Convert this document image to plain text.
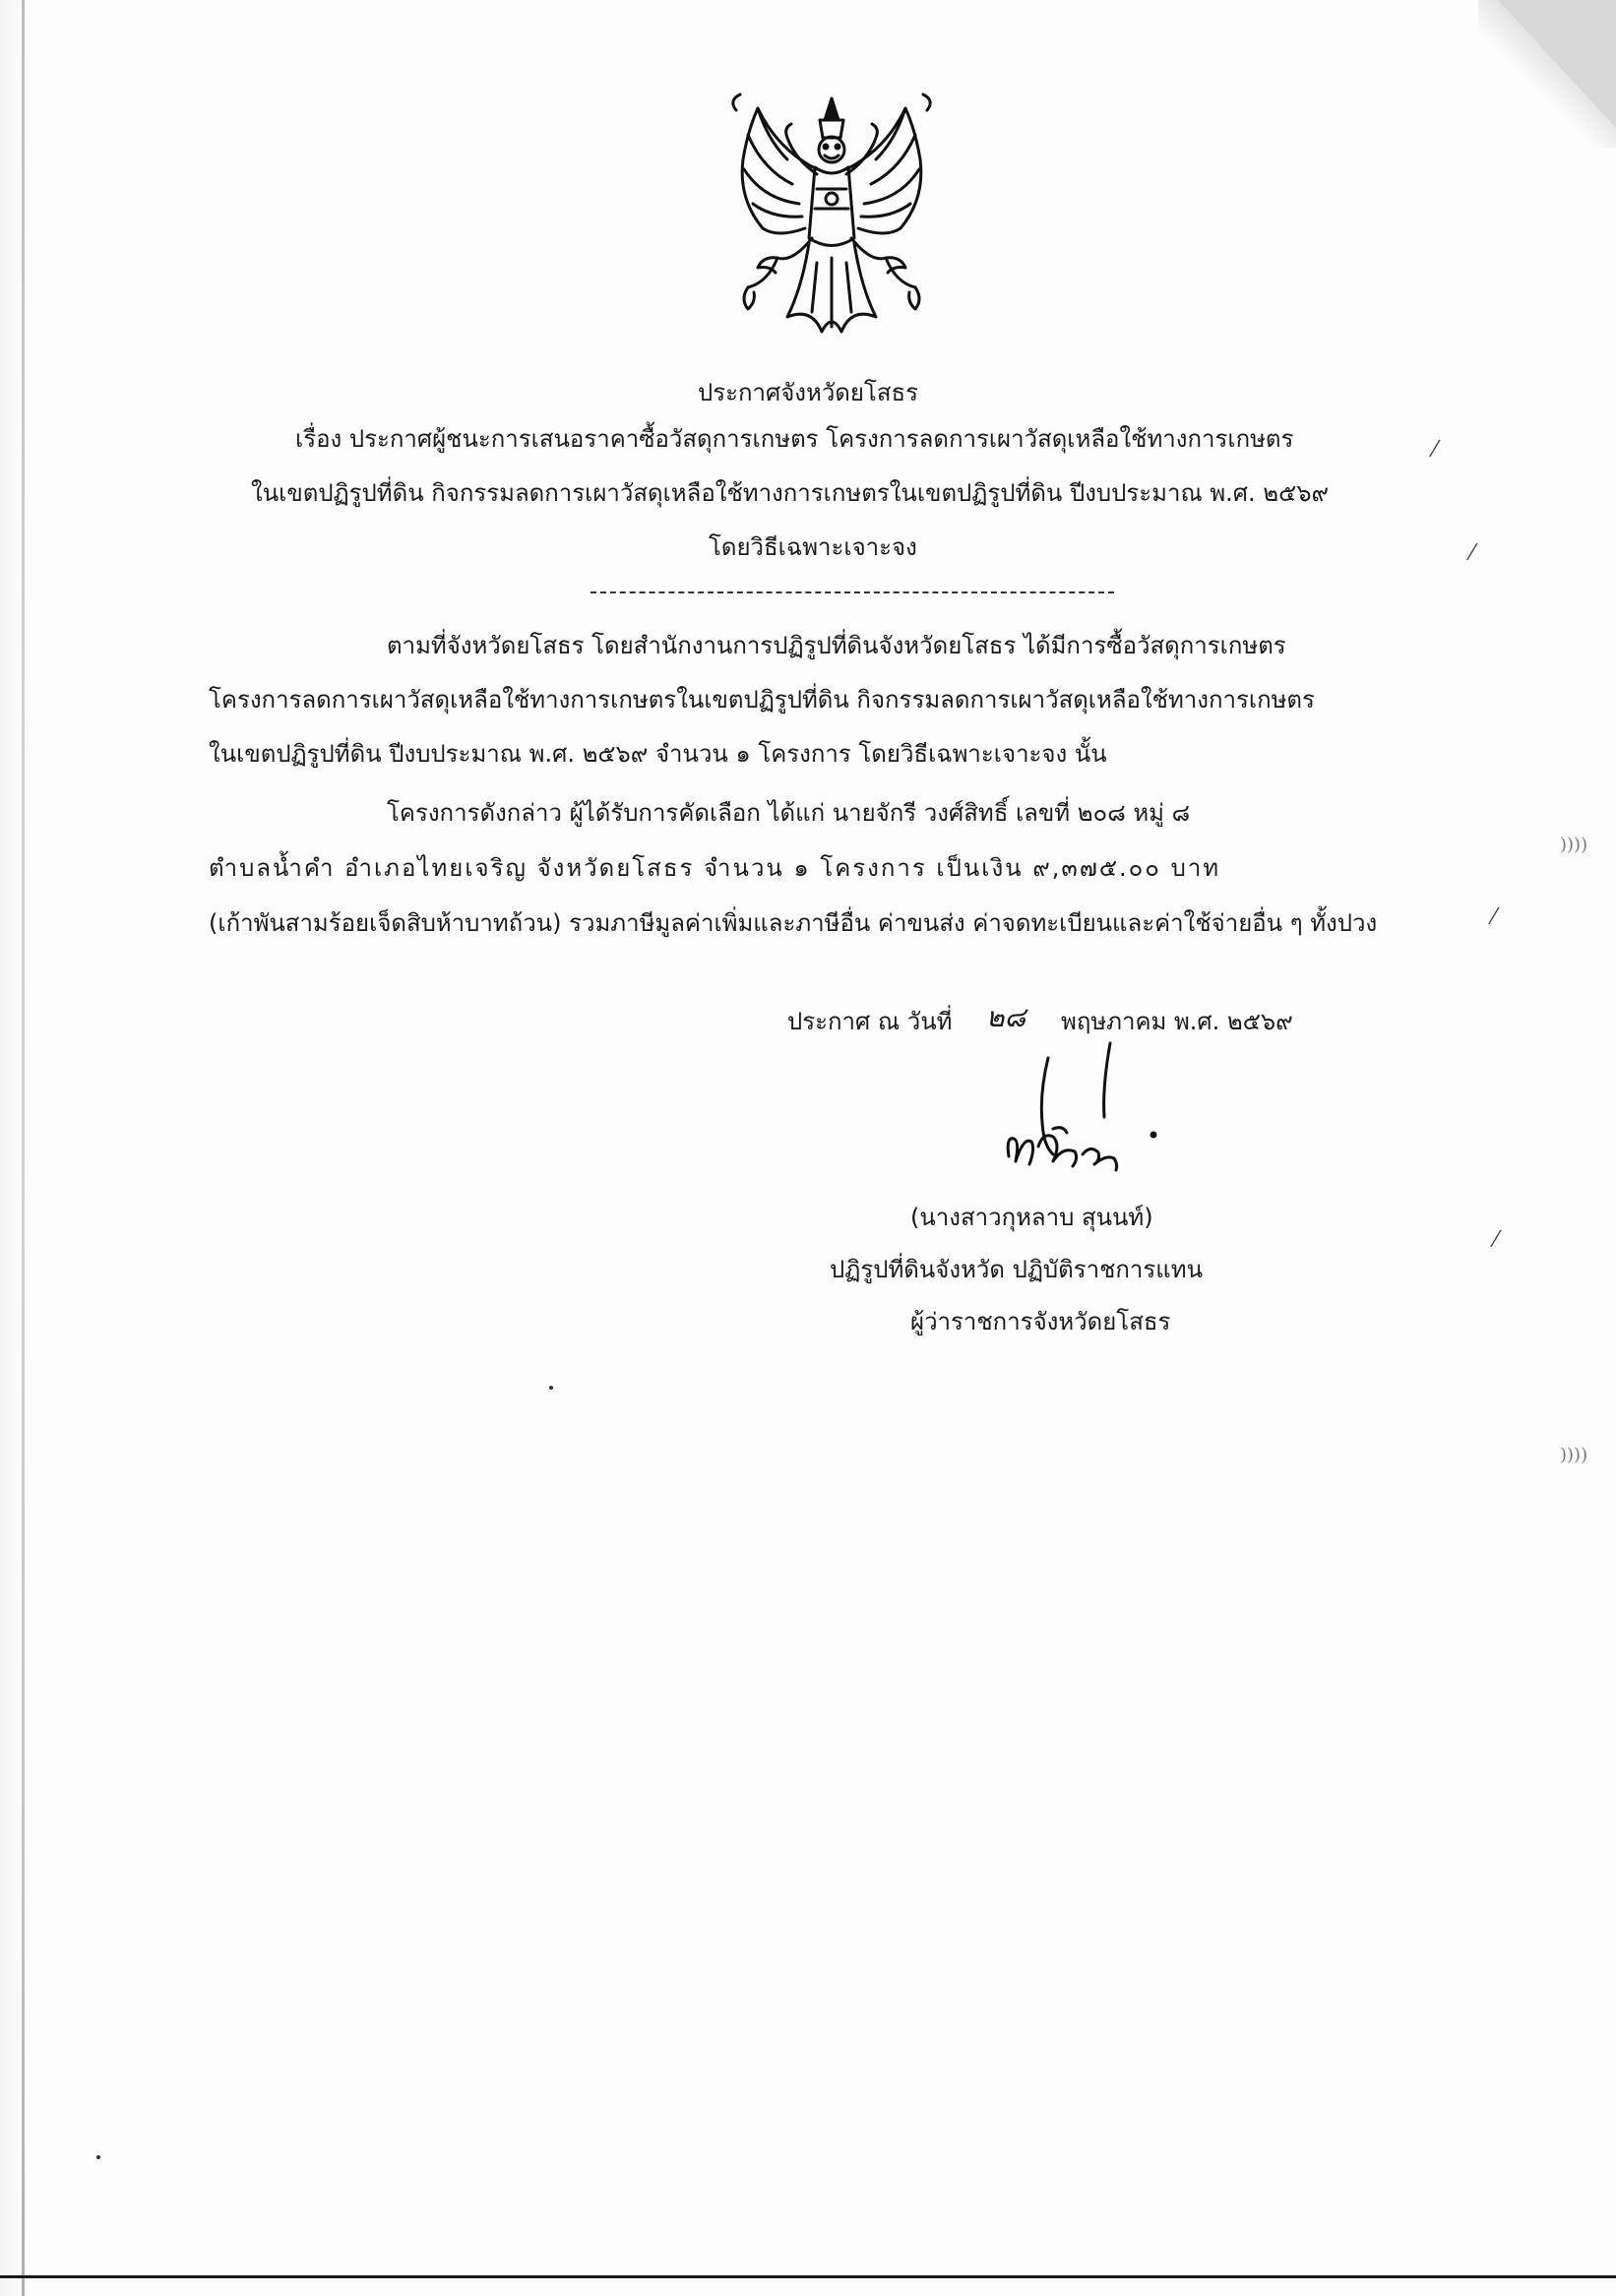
ประกาศจังหวัดยโสธร
เรื่อง ประกาศผู้ชนะการเสนอราคาซื้อวัสดุการเกษตร โครงการลดการเผาวัสดุเหลือใช้ทางการเกษตร
ในเขตปฏิรูปที่ดิน กิจกรรมลดการเผาวัสดุเหลือใช้ทางการเกษตรในเขตปฏิรูปที่ดิน ปีงบประมาณ พ.ศ. ๒๕๖๙
โดยวิธีเฉพาะเจาะจง
ตามที่จังหวัดยโสธร โดยสำนักงานการปฏิรูปที่ดินจังหวัดยโสธร ได้มีการซื้อวัสดุการเกษตร
โครงการลดการเผาวัสดุเหลือใช้ทางการเกษตรในเขตปฏิรูปที่ดิน กิจกรรมลดการเผาวัสดุเหลือใช้ทางการเกษตร
ในเขตปฏิรูปที่ดิน ปีงบประมาณ พ.ศ. ๒๕๖๙ จำนวน ๑ โครงการ โดยวิธีเฉพาะเจาะจง นั้น
โครงการดังกล่าว ผู้ได้รับการคัดเลือก ได้แก่ นายจักรี วงศ์สิทธิ์ เลขที่ ๒๐๘ หมู่ ๘
ตำบลน้ำคำ อำเภอไทยเจริญ จังหวัดยโสธร จำนวน ๑ โครงการ เป็นเงิน ๙,๓๗๕.๐๐ บาท
(เก้าพันสามร้อยเจ็ดสิบห้าบาทถ้วน) รวมภาษีมูลค่าเพิ่มและภาษีอื่น ค่าขนส่ง ค่าจดทะเบียนและค่าใช้จ่ายอื่น ๆ ทั้งปวง
ประกาศ ณ วันที่ ๒๘ พฤษภาคม พ.ศ. ๒๕๖๙
(นางสาวกุหลาบ สุนนท์)
ปฏิรูปที่ดินจังหวัด ปฏิบัติราชการแทน
ผู้ว่าราชการจังหวัดยโสธร
⁄
⁄
⁄
⁄
))))
))))
